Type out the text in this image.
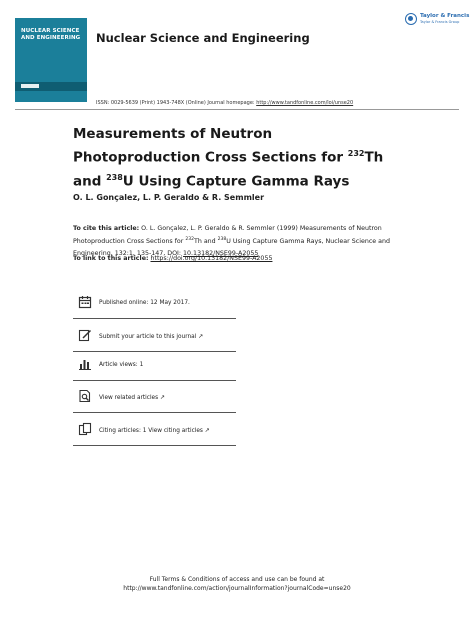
NUCLEAR SCIENCE AND ENGINEERING Nuclear Science and Engineering
Taylor & Francis
Taylor & Francis Group
ISSN: 0029-5639 (Print) 1943-748X (Online) Journal homepage: http://www.tandfonline.com/loi/unse20
Measurements of Neutron Photoproduction Cross Sections for $^{232}$Th and $^{238}$U Using Capture Gamma Rays
O. L. Gonçalez, L. P. Geraldo & R. Semmler
To cite this article: O. L. Gonçalez, L. P. Geraldo & R. Semmler (1999) Measurements of Neutron Photoproduction Cross Sections for $^{232}$Th and $^{238}$U Using Capture Gamma Rays, Nuclear Science and Engineering, 132:1, 135-147, DOI: 10.13182/NSE99-A2055
To link to this article: https://doi.org/10.13182/NSE99-A2055
Published online: 12 May 2017.
Submit your article to this journal ↗
Article views: 1
View related articles ↗
Citing articles: 1 View citing articles ↗
Full Terms & Conditions of access and use can be found at
http://www.tandfonline.com/action/journalInformation?journalCode=unse20
